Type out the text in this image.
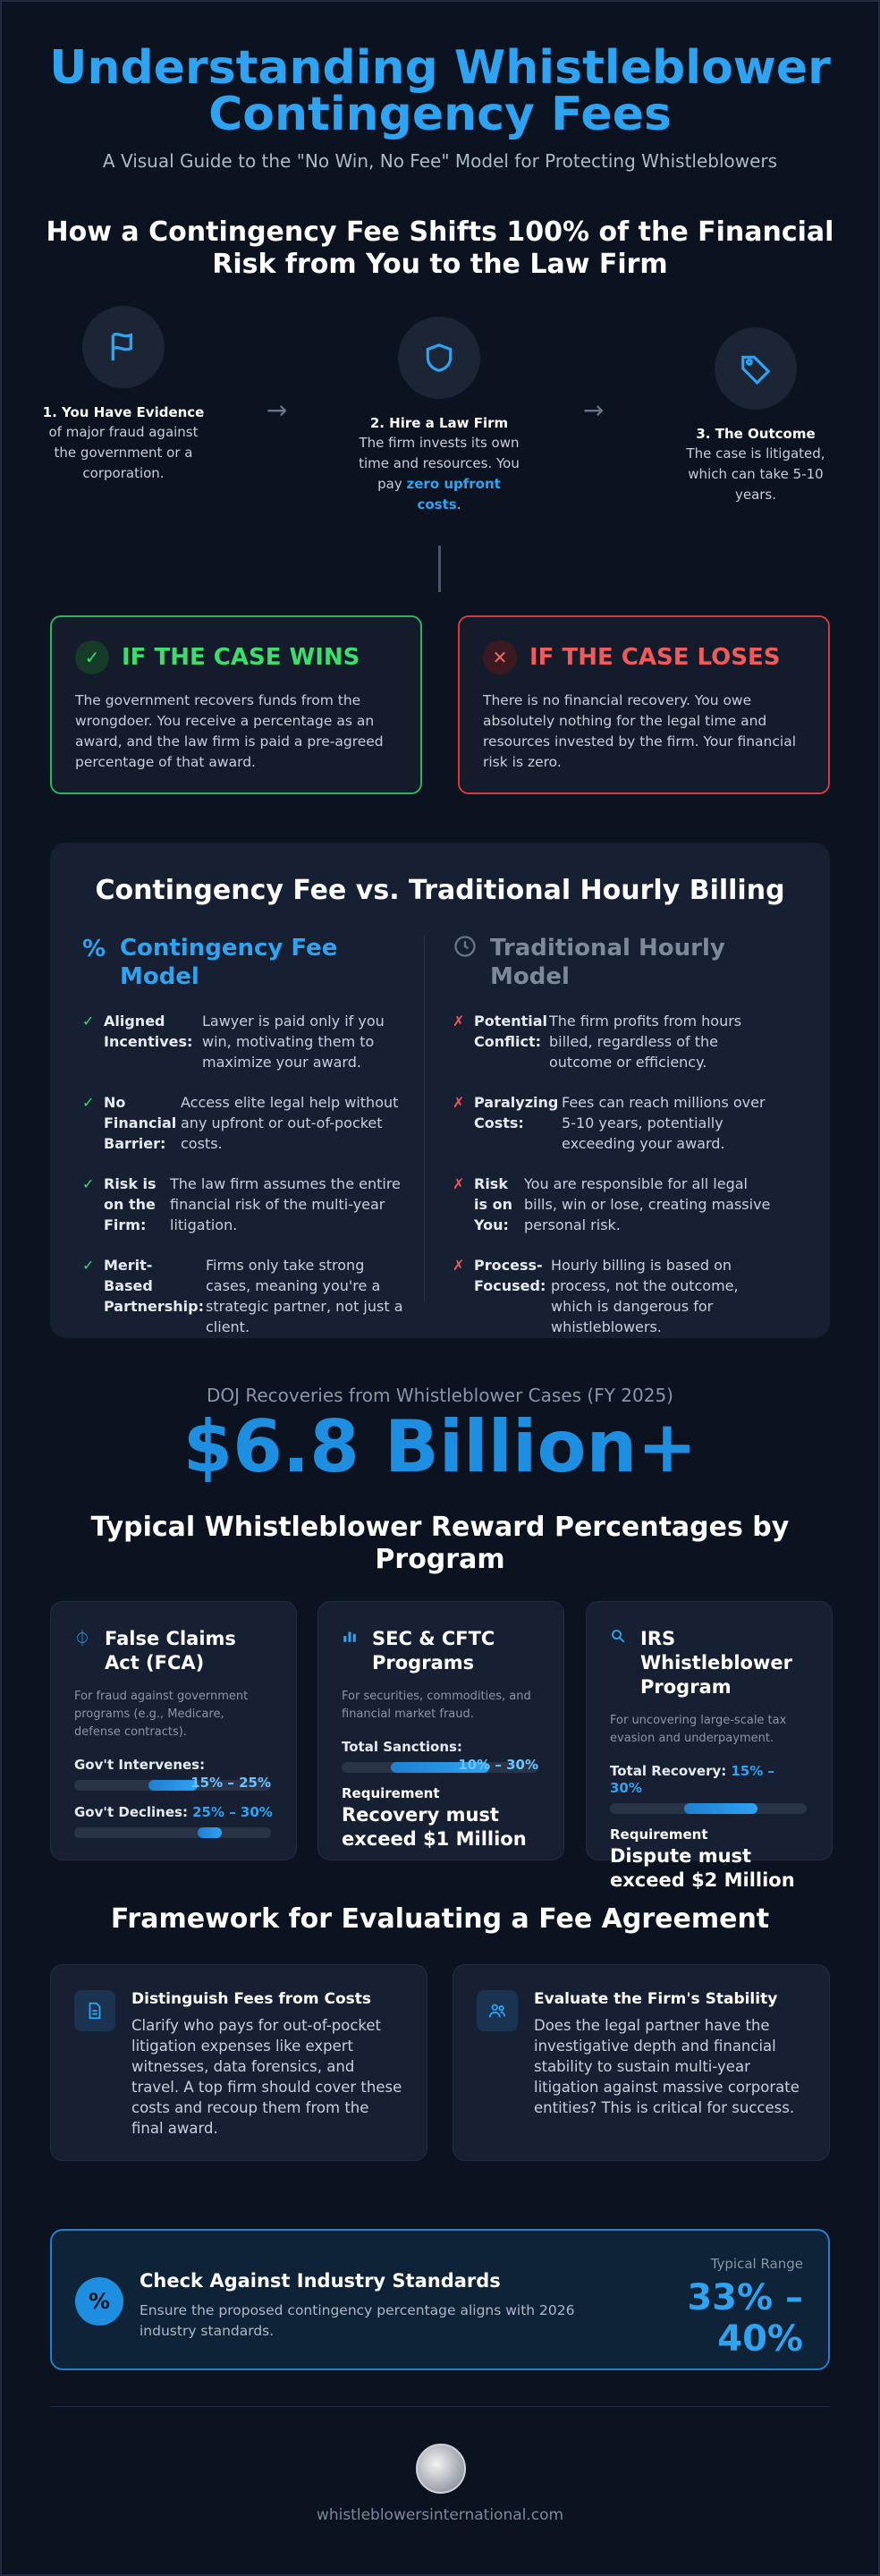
Understanding Whistleblower Contingency Fees
A Visual Guide to the "No Win, No Fee" Model for Protecting Whistleblowers
How a Contingency Fee Shifts 100% of the Financial Risk from You to the Law Firm
1. You Have Evidence
of major fraud against the government or a corporation.
→	2. Hire a Law Firm
The firm invests its own time and resources. You pay zero upfront costs.
→
3. The Outcome
The case is litigated, which can take 5-10 years.
✓ IF THE CASE WINS
The government recovers funds from the wrongdoer. You receive a percentage as an award, and the law firm is paid a pre-agreed percentage of that award.
✕ IF THE CASE LOSES
There is no financial recovery. You owe absolutely nothing for the legal time and resources invested by the firm. Your financial risk is zero.
Contingency Fee vs. Traditional Hourly Billing
% Contingency Fee Model
✓ Aligned Incentives:
Lawyer is paid only if you win, motivating them to maximize your award.
✓ No Financial Barrier:
Access elite legal help without any upfront or out-of-pocket costs.
✓ Risk is on the Firm:
The law firm assumes the entire financial risk of the multi-year litigation.
✓ Merit-Based Partnership:
Firms only take strong cases, meaning you're a strategic partner, not just a client.
Traditional Hourly Model
✗ Potential Conflict:
The firm profits from hours billed, regardless of the outcome or efficiency.
✗ Paralyzing Costs:
Fees can reach millions over 5-10 years, potentially exceeding your award.
✗ Risk is on You:
You are responsible for all legal bills, win or lose, creating massive personal risk.
✗ Process-Focused:
Hourly billing is based on process, not the outcome, which is dangerous for whistleblowers.
DOJ Recoveries from Whistleblower Cases (FY 2025)
$6.8 Billion+
Typical Whistleblower Reward Percentages by Program
⏀ False Claims Act (FCA)
For fraud against government programs (e.g., Medicare, defense contracts).
Gov't Intervenes:
15% – 25%
Gov't Declines: 25% – 30%
SEC & CFTC Programs
For securities, commodities, and financial market fraud.
Total Sanctions:
10% – 30%
Requirement
Recovery must exceed $1 Million
IRS Whistleblower Program
For uncovering large-scale tax evasion and underpayment.
Total Recovery: 15% – 30%
Requirement
Dispute must exceed $2 Million
Framework for Evaluating a Fee Agreement
Distinguish Fees from Costs
Clarify who pays for out-of-pocket litigation expenses like expert witnesses, data forensics, and travel. A top firm should cover these costs and recoup them from the final award.
Evaluate the Firm's Stability
Does the legal partner have the investigative depth and financial stability to sustain multi-year litigation against massive corporate entities? This is critical for success.
%
Check Against Industry Standards
Ensure the proposed contingency percentage aligns with 2026 industry standards.
Typical Range
33% – 40%
whistleblowersinternational.com
